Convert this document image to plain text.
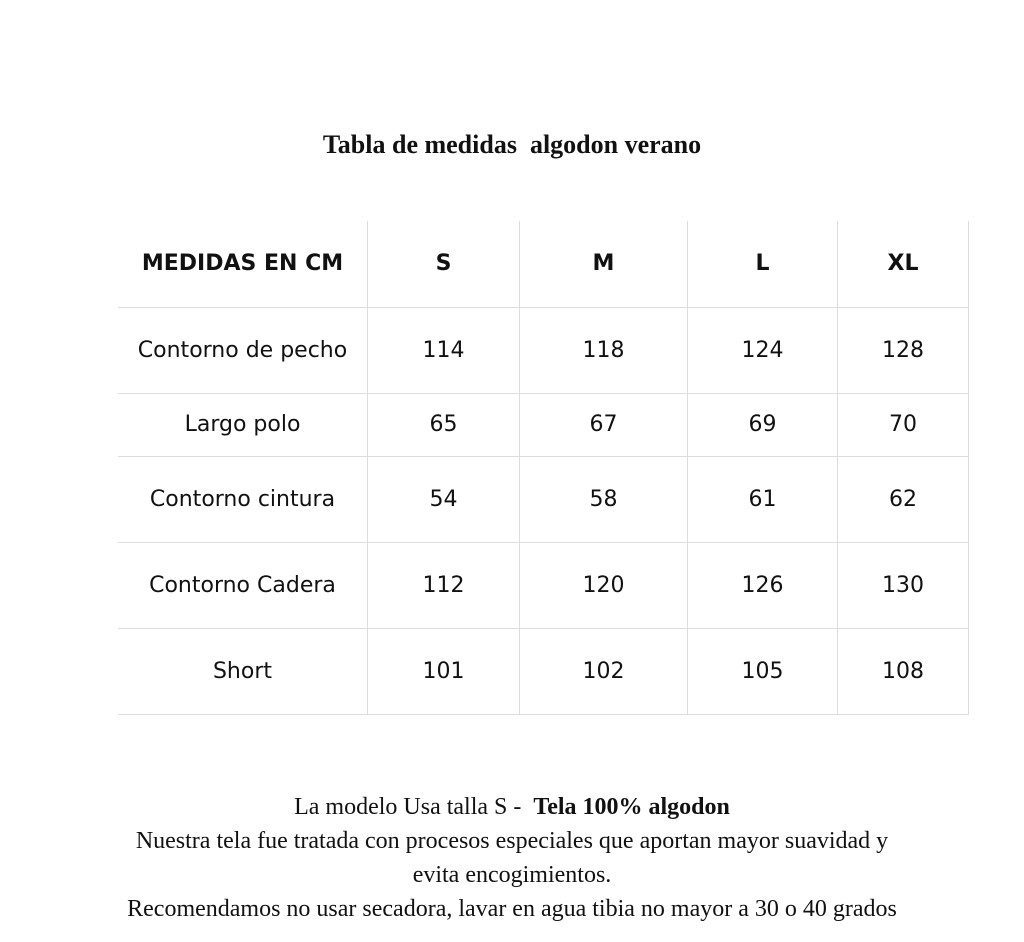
Tabla de medidas  algodon verano
MEDIDAS EN CM	S	M	L	XL
Contorno de pecho	114	118	124	128
Largo polo	65	67	69	70
Contorno cintura	54	58	61	62
Contorno Cadera	112	120	126	130
Short	101	102	105	108

La modelo Usa talla S -  Tela 100% algodon

Nuestra tela fue tratada con procesos especiales que aportan mayor suavidad y

evita encogimientos.

Recomendamos no usar secadora, lavar en agua tibia no mayor a 30 o 40 grados
